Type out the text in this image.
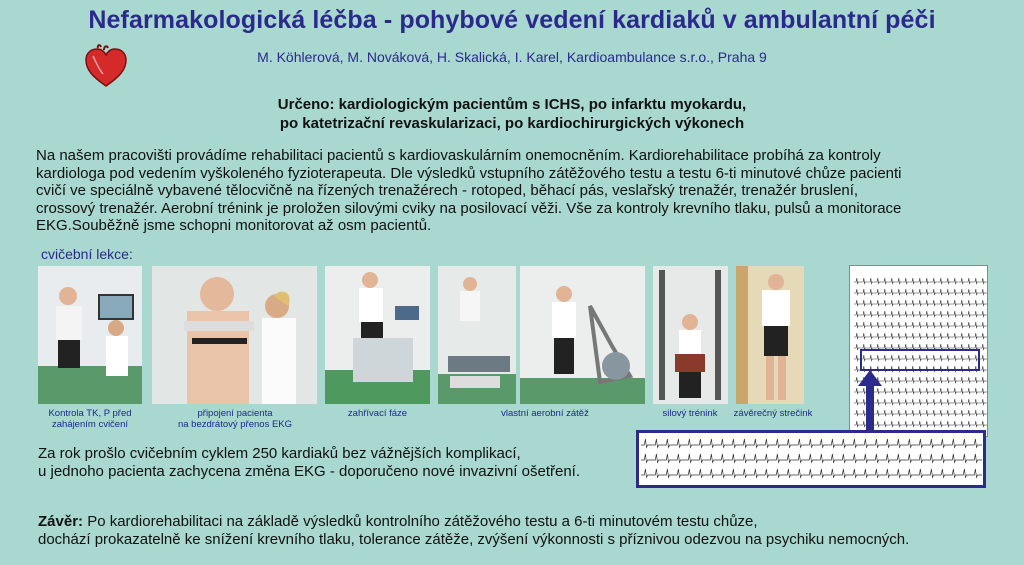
Nefarmakologická léčba - pohybové vedení kardiaků v ambulantní péči
M. Köhlerová, M. Nováková, H. Skalická, I. Karel, Kardioambulance s.r.o., Praha 9
Určeno: kardiologickým pacientům s ICHS, po infarktu myokardu,
po katetrizační revaskularizaci, po kardiochirurgických výkonech
Na našem pracovišti provádíme rehabilitaci pacientů s kardiovaskulárním onemocněním. Kardiorehabilitace probíhá za kontroly
kardiologa pod vedením vyškoleného fyzioterapeuta. Dle výsledků vstupního zátěžového testu a testu 6-ti minutové chůze pacienti
cvičí ve speciálně vybavené tělocvičně na řízených trenažérech - rotoped, běhací pás, veslařský trenažér, trenažér bruslení,
crossový trenažér. Aerobní trénink je proložen silovými cviky na posilovací věži. Vše za kontroly krevního tlaku, pulsů a monitorace
EKG.Souběžně jsme schopni monitorovat až osm pacientů.
cvičební lekce:
Kontrola TK, P před
zahájením cvičení
připojení pacienta
na bezdrátový přenos EKG
zahřívací fáze	vlastní aerobní zátěž	silový trénink	závěrečný strečink
Za rok prošlo cvičebním cyklem 250 kardiaků bez vážnějších komplikací,
u jednoho pacienta zachycena změna EKG - doporučeno nové invazivní ošetření.
Závěr: Po kardiorehabilitaci na základě výsledků kontrolního zátěžového testu a 6-ti minutovém testu chůze,
dochází prokazatelně ke snížení krevního tlaku, tolerance zátěže, zvýšení výkonnosti s příznivou odezvou na psychiku nemocných.
